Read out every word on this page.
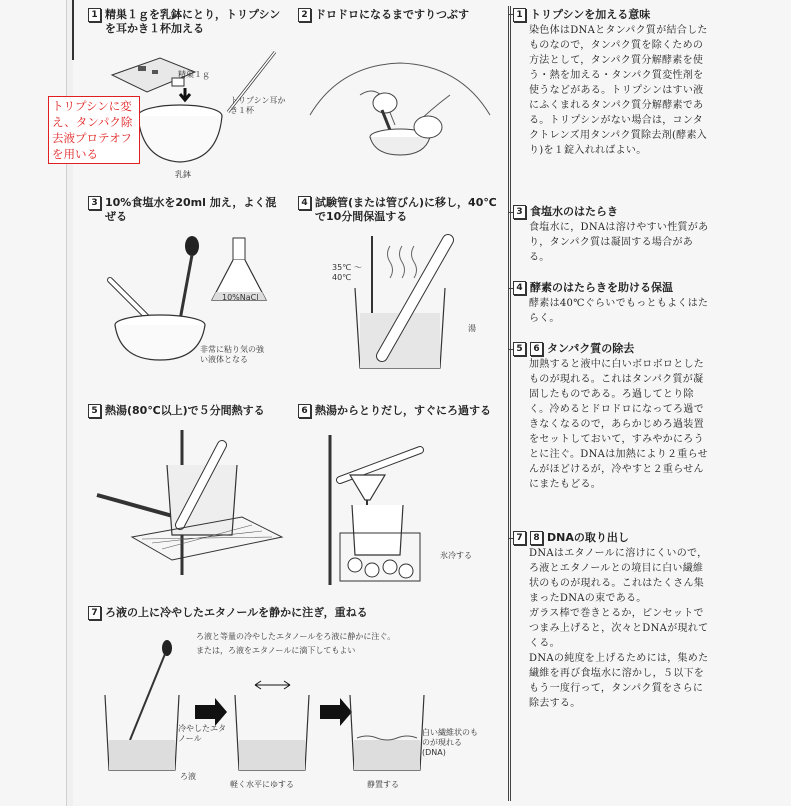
1 精巣１ｇを乳鉢にとり，トリプシンを耳かき１杯加える
精巣１ｇ
トリプシン耳かき１杯
乳鉢
トリプシンに変え、タンパク除去液プロテオフを用いる
2 ドロドロになるまですりつぶす
3 10%食塩水を20ml 加え，よく混ぜる
10%NaCl
非常に粘り気の強い液体となる
4 試験管(または管びん)に移し，40℃で10分間保温する
35℃ 〜40℃
湯
5 熱湯(80℃以上)で５分間熱する	6 熱湯からとりだし，すぐにろ過する
氷冷する
7 ろ液の上に冷やしたエタノールを静かに注ぎ，重ねる
ろ液と等量の冷やしたエタノールをろ液に静かに注ぐ。
または，ろ液をエタノールに滴下してもよい
冷やしたエタノール
ろ液
軽く水平にゆする	静置する
白い繊維状のものが現れる(DNA)
1 トリプシンを加える意味
染色体はDNAとタンパク質が結合したものなので，タンパク質を除くための方法として，タンパク質分解酵素を使う・熱を加える・タンパク質変性剤を使うなどがある。トリプシンはすい液にふくまれるタンパク質分解酵素である。トリプシンがない場合は，コンタクトレンズ用タンパク質除去剤(酵素入り)を１錠入れればよい。
3 食塩水のはたらき
食塩水に，DNAは溶けやすい性質があり，タンパク質は凝固する場合がある。
4 酵素のはたらきを助ける保温
酵素は40℃ぐらいでもっともよくはたらく。
5	6 タンパク質の除去
加熱すると液中に白いボロボロとしたものが現れる。これはタンパク質が凝固したものである。ろ過してとり除く。冷めるとドロドロになってろ過できなくなるので，あらかじめろ過装置をセットしておいて，すみやかにろうとに注ぐ。DNAは加熱により２重らせんがほどけるが，冷やすと２重らせんにまたもどる。
7	8 DNAの取り出し
DNAはエタノールに溶けにくいので，ろ液とエタノールとの境目に白い繊維状のものが現れる。これはたくさん集まったDNAの束である。
ガラス棒で巻きとるか，ピンセットでつまみ上げると，次々とDNAが現れてくる。
DNAの純度を上げるためには，集めた繊維を再び食塩水に溶かし，５以下をもう一度行って，タンパク質をさらに除去する。
